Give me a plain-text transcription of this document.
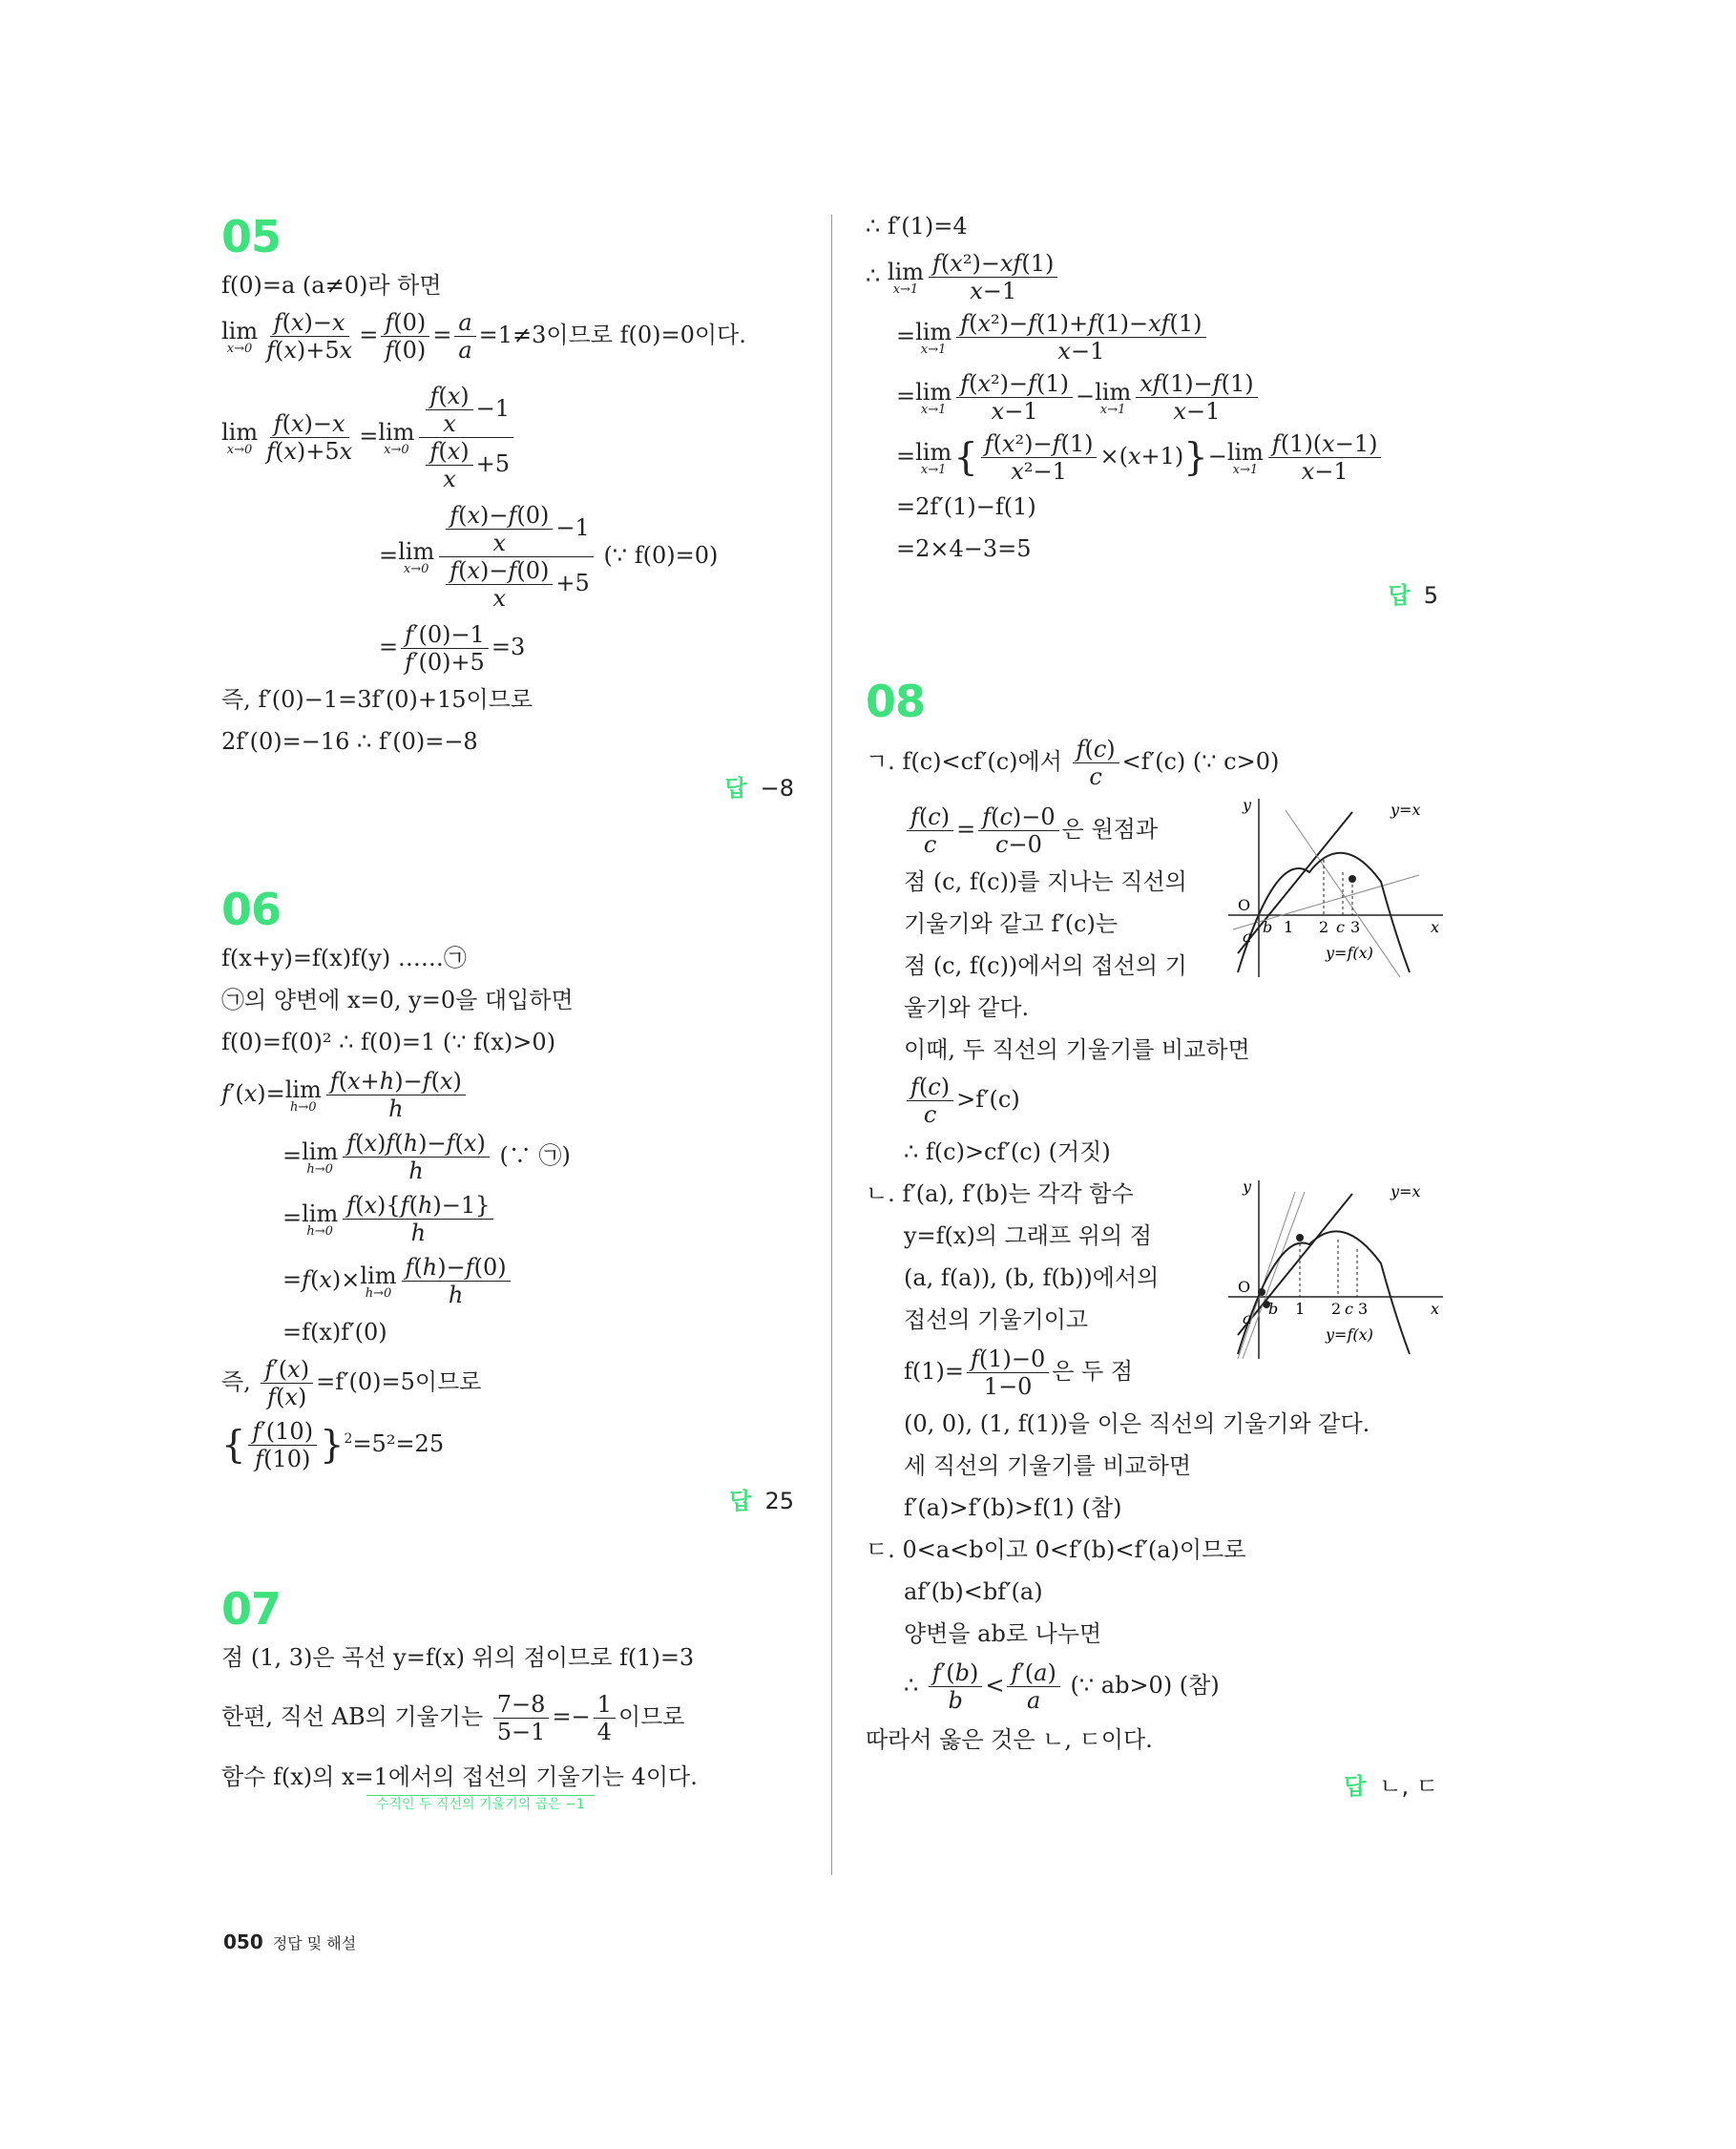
05
f(0)=a (a≠0)라 하면
lim
$x\to 0 \frac{f(x)-x}{f(x)+5x} = \frac{f(0)}{f(0)} = \frac{a}{a} =1\ne 3$이므로 f(0)=0이다.
lim
$x\to 0 \frac{f(x)-x}{f(x)+5x} = \lim$
$x\to 0 \frac{\frac{f(x)}{x} -1}{\frac{f(x)}{x} +5}$
= lim
$x\to 0 \frac{\frac{f(x)-f(0)}{x} -1}{\frac{f(x)-f(0)}{x} +5}$ (∵ f(0)=0)
= $\frac{f'(0)-1}{f'(0)+5} =3$
즉, f′(0)−1=3f′(0)+15이므로
2f′(0)=−16 ∴ f′(0)=−8
답 −8
06
f(x+y)=f(x)f(y) ……㉠
㉠의 양변에 x=0, y=0을 대입하면
f(0)=f(0)² ∴ f(0)=1 (∵ f(x)>0)
f′(x)= lim
$h\to 0 \frac{f(x+h)-f(x)}{h}$
= lim
$h\to 0 \frac{f(x)f(h)-f(x)}{h}$ (∵ ㉠)
= lim
$h\to 0 \frac{f(x)\{f(h)-1\}}{h}$
=f(x)× lim
$h\to 0 \frac{f(h)-f(0)}{h}$
=f(x)f′(0)
즉, $\frac{f'(x)}{f(x)} =f'(0)=5$이므로
{ $\frac{f'(10)}{f(10)} \}^2=5^2=25$
답 25
07
점 (1, 3)은 곡선 y=f(x) 위의 점이므로 f(1)=3
한편, 직선 AB의 기울기는 $\frac{7-8}{5-1} =- \frac{1}{4}$ 이므로
함수 f(x)의 x=1에서의 접선의 기울기는 4이다.
수직인 두 직선의 기울기의 곱은 −1
∴ f′(1)=4
∴ lim
$x\to 1 \frac{\text{f(x²)−xf(1)}}{x-1}$
= lim
$x\to 1 \frac{\text{f(x²)−f(1)+f(1)−xf(1)}}{x-1}$
= lim
$x\to 1 \frac{\text{f(x²)−f(1)}}{x-1} - \lim$
$x\to 1 \frac{xf(1)-f(1)}{x-1}$
= lim
x→1 { $\frac{\text{f(x²)−f(1)}}{\text{x²−1}} \times(x+1)\}- \lim$
$x\to 1 \frac{f(1)(x-1)}{x-1}$
=2f′(1)−f(1)
=2×4−3=5
답 5
08
ㄱ. f(c)<cf′(c)에서 $\frac{f(c)}{c} <f'(c)$ (∵ c>0)
$\frac{f(c)}{c} = \frac{f(c)-0}{c-0}$ 은 원점과
점 (c, f(c))를 지나는 직선의
기울기와 같고 f′(c)는
점 (c, f(c))에서의 접선의 기
울기와 같다.
이때, 두 직선의 기울기를 비교하면
$\frac{f(c)}{c} >f'(c)$
∴ f(c)>cf′(c) (거짓)
ㄴ. f′(a), f′(b)는 각각 함수
y=f(x)의 그래프 위의 점
(a, f(a)), (b, f(b))에서의
접선의 기울기이고
$f(1)= \frac{f(1)-0}{1-0}$ 은 두 점
(0, 0), (1, f(1))을 이은 직선의 기울기와 같다.
세 직선의 기울기를 비교하면
f′(a)>f′(b)>f(1) (참)
ㄷ. 0<a<b이고 0<f′(b)<f′(a)이므로
af′(b)<bf′(a)
양변을 ab로 나누면
∴ $\frac{f'(b)}{b} < \frac{f'(a)}{a}$ (∵ ab>0) (참)
따라서 옳은 것은 ㄴ, ㄷ이다.
답 ㄴ, ㄷ
y	y=x
O
x
b
a
1 2 c 3
y=f(x)
y	y=x
O
x
b
a
1 2 c 3
y=f(x)
050 정답 및 해설
